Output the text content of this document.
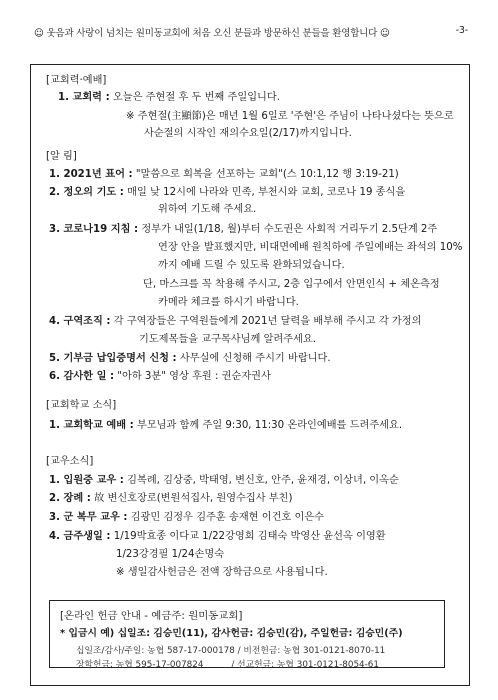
☺ 웃음과 사랑이 넘치는 원미동교회에 처음 오신 분들과 방문하신 분들을 환영합니다 ☺	-3-
[교회력·예배]
1. 교회력 : 오늘은 주현절 후 두 번째 주일입니다.
※ 주현절(主顯節)은 매년 1월 6일로 '주현'은 주님이 나타나셨다는 뜻으로
사순절의 시작인 재의수요일(2/17)까지입니다.
[알 림]
1. 2021년 표어 : "말씀으로 회복을 선포하는 교회"(스 10:1,12 행 3:19-21)
2. 정오의 기도 : 매일 낮 12시에 나라와 민족, 부천시와 교회, 코로나 19 종식을
위하여 기도해 주세요.
3. 코로나19 지침 : 정부가 내일(1/18, 월)부터 수도권은 사회적 거리두기 2.5단계 2주
연장 안을 발표했지만, 비대면예배 원칙하에 주일예배는 좌석의 10%
까지 예배 드릴 수 있도록 완화되었습니다.
단, 마스크를 꼭 착용해 주시고, 2층 입구에서 안면인식 + 체온측정
카메라 체크를 하시기 바랍니다.
4. 구역조직 : 각 구역장들은 구역원들에게 2021년 달력을 배부해 주시고 각 가정의
기도제목들을 교구목사님께 알려주세요.
5. 기부금 납입증명서 신청 : 사무실에 신청해 주시기 바랍니다.
6. 감사한 일 : "아하 3분" 영상 후원 : 권순자권사
[교회학교 소식]
1. 교회학교 예배 : 부모님과 함께 주일 9:30, 11:30 온라인예배를 드려주세요.
[교우소식]
1. 입원중 교우 : 김복례, 김상중, 박태영, 변신호, 안주, 윤재경, 이상녀, 이옥순
2. 장례 : 故 변신호장로(변원석집사, 원영수집사 부친)
3. 군 복무 교우 : 김광민 김정우 김주훈 송재현 이건호 이은수
4. 금주생일 : 1/19박효종 이다교 1/22강영희 김태숙 박영산 윤선옥 이영환
1/23강경필 1/24손명숙
※ 생일감사헌금은 전액 장학금으로 사용됩니다.
[온라인 헌금 안내 - 예금주: 원미동교회]
* 입금시 예) 십일조: 김승민(11), 감사헌금: 김승민(감), 주일헌금: 김승민(주)
십일조/감사/주일: 농협 587-17-000178 / 비전헌금: 농협 301-0121-8070-11
장학헌금: 농협 595-17-007824          / 선교헌금: 농협 301-0121-8054-61
